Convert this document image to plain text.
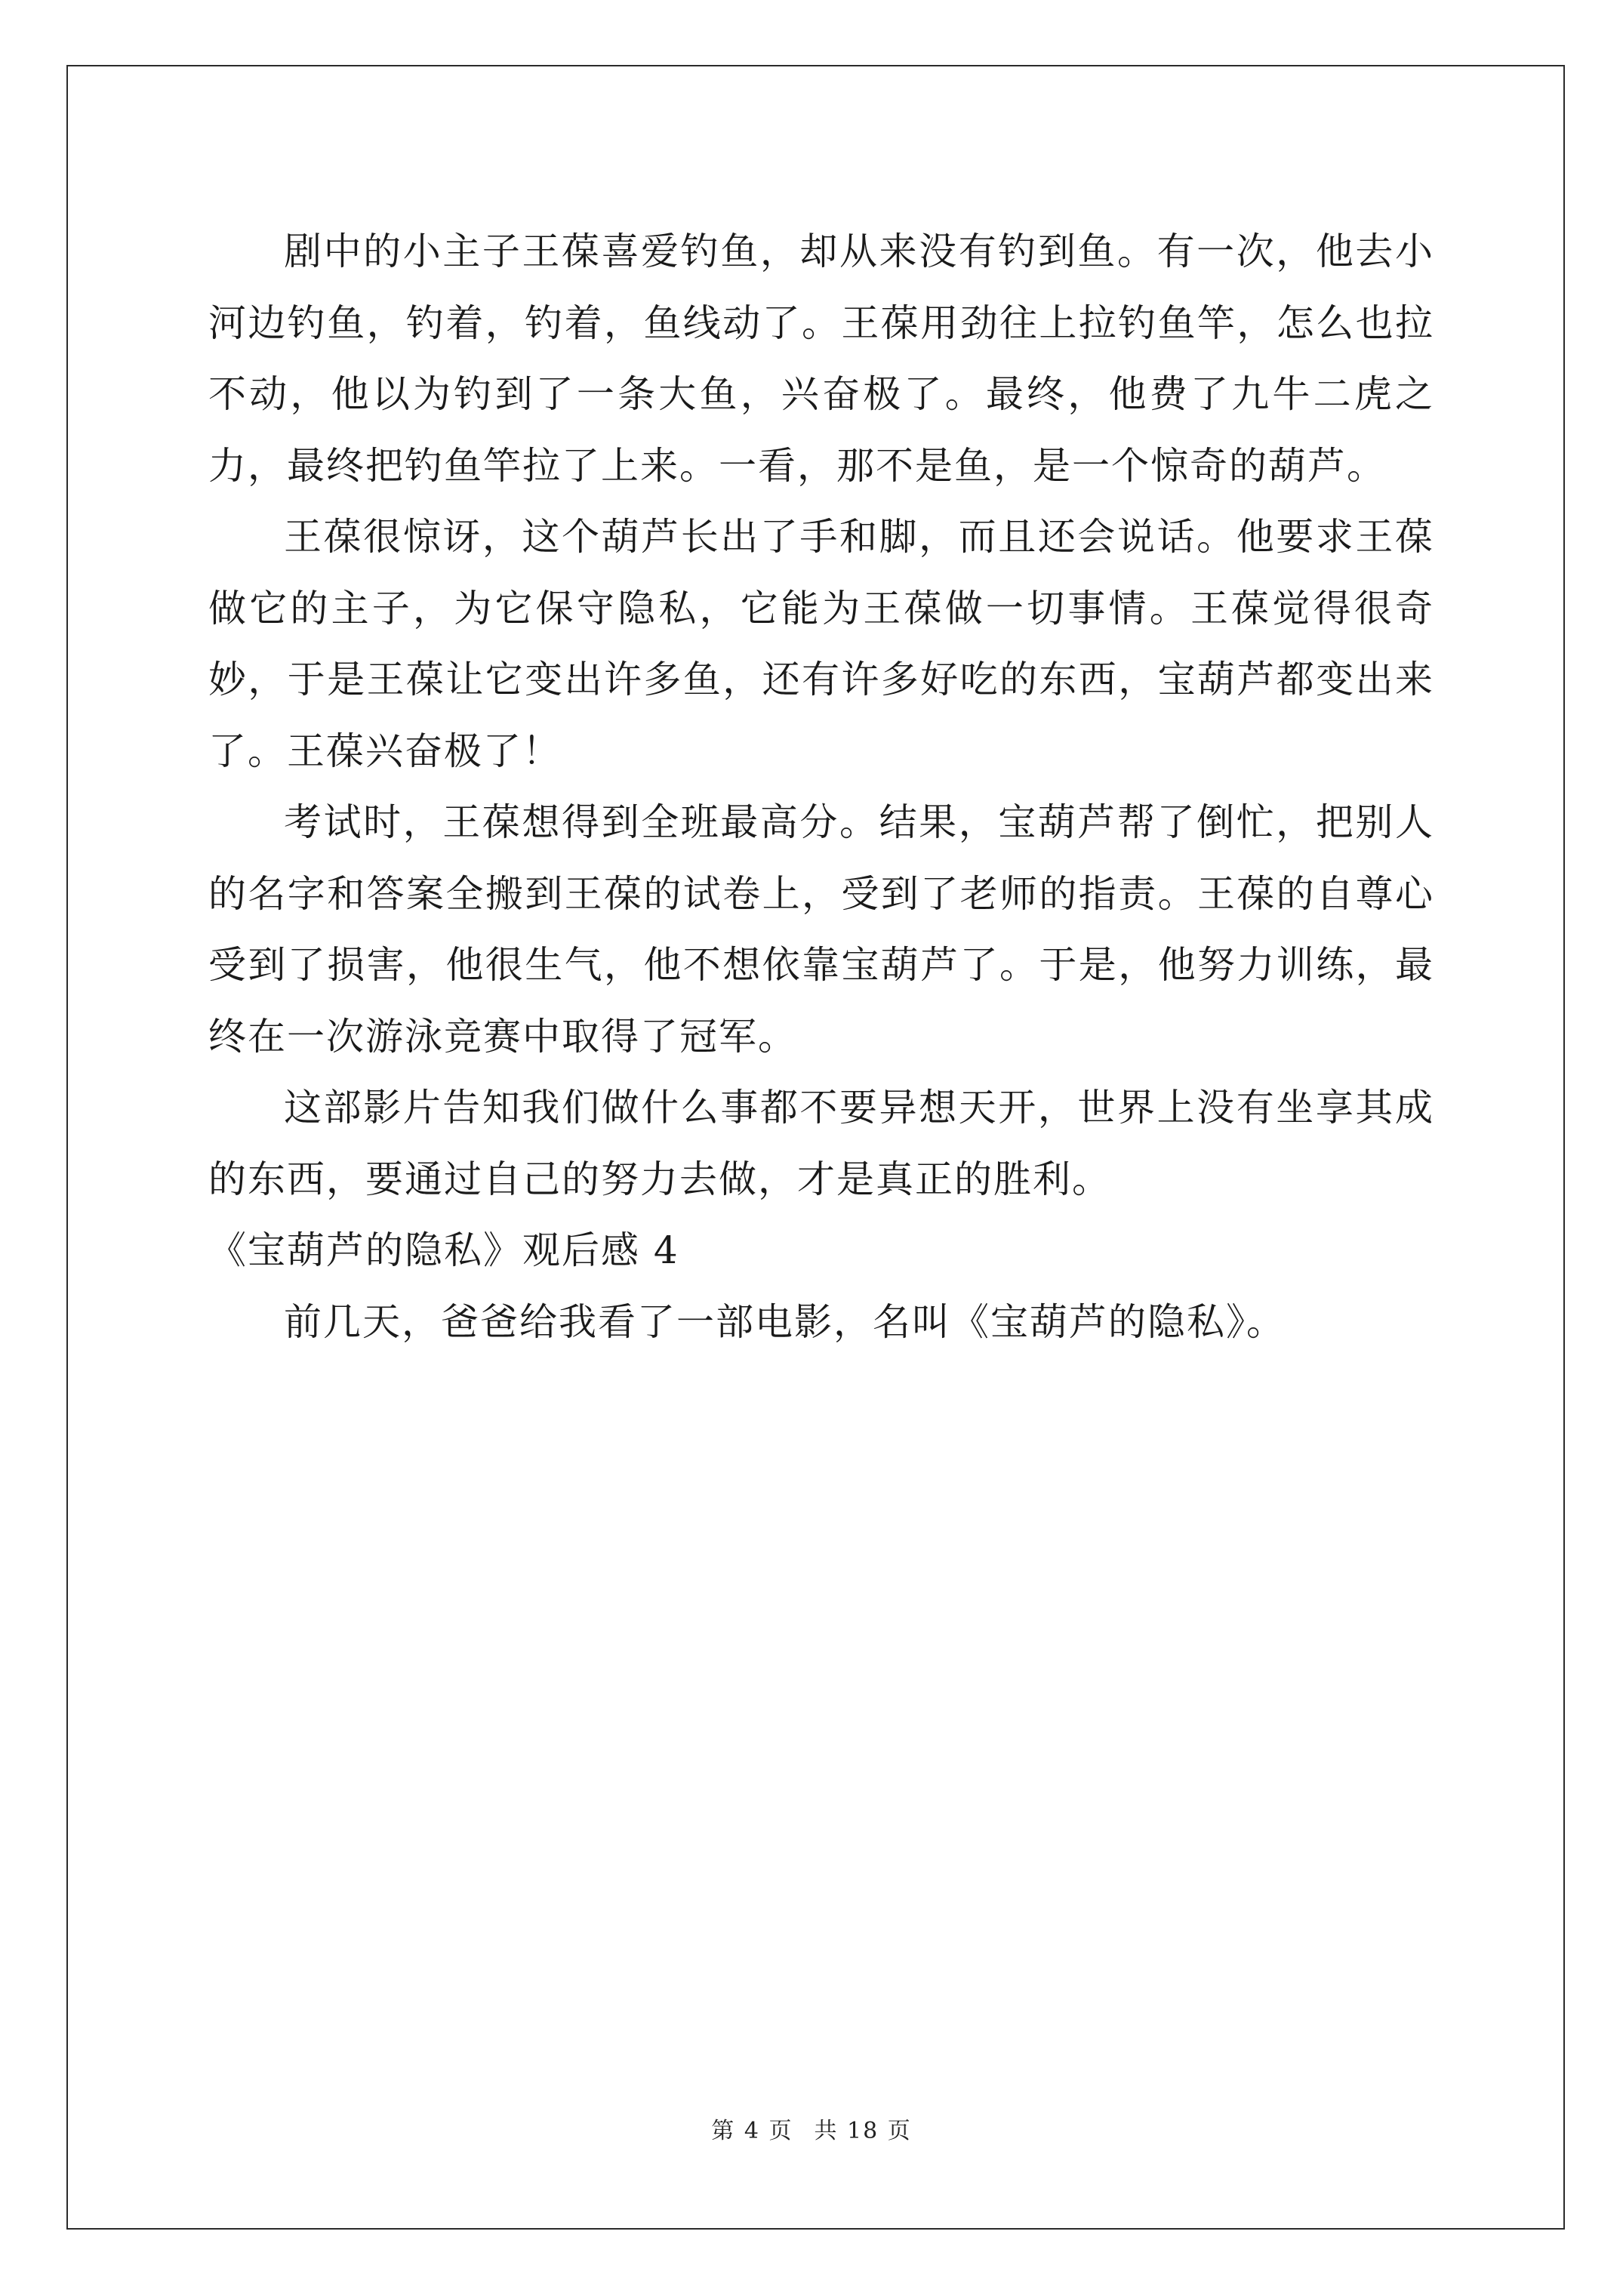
剧中的小主子王葆喜爱钓鱼，却从来没有钓到鱼。有一次，他去小河边钓鱼，钓着，钓着，鱼线动了。王葆用劲往上拉钓鱼竿，怎么也拉不动，他以为钓到了一条大鱼，兴奋极了。最终，他费了九牛二虎之力，最终把钓鱼竿拉了上来。一看，那不是鱼，是一个惊奇的葫芦。

王葆很惊讶，这个葫芦长出了手和脚，而且还会说话。他要求王葆做它的主子，为它保守隐私，它能为王葆做一切事情。王葆觉得很奇妙，于是王葆让它变出许多鱼，还有许多好吃的东西，宝葫芦都变出来了。王葆兴奋极了！

考试时，王葆想得到全班最高分。结果，宝葫芦帮了倒忙，把别人的名字和答案全搬到王葆的试卷上，受到了老师的指责。王葆的自尊心受到了损害，他很生气，他不想依靠宝葫芦了。于是，他努力训练，最终在一次游泳竞赛中取得了冠军。

这部影片告知我们做什么事都不要异想天开，世界上没有坐享其成的东西，要通过自己的努力去做，才是真正的胜利。

《宝葫芦的隐私》观后感 4

前几天，爸爸给我看了一部电影，名叫《宝葫芦的隐私》。

第 4 页 共 18 页
